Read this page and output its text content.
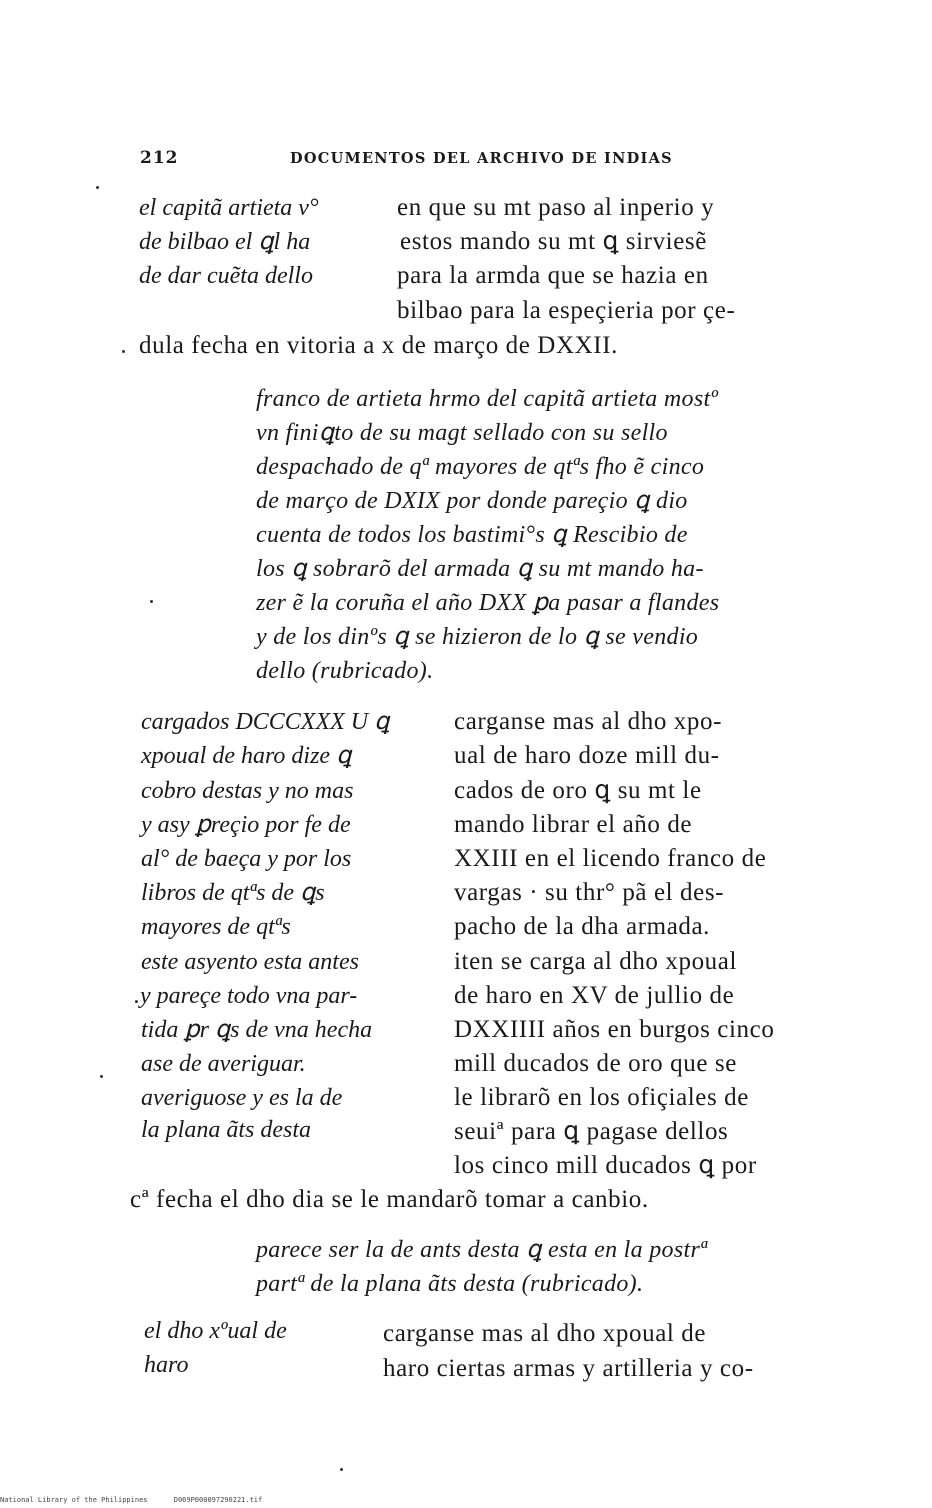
212	DOCUMENTOS DEL ARCHIVO DE INDIAS
el capitã artieta v°
de bilbao el ꝗl ha
de dar cuẽta dello
en que su mt paso al inperio y
estos mando su mt ꝗ sirviesẽ
para la armda que se hazia en
bilbao para la espeçieria por çe-
dula fecha en vitoria a x de março de DXXII.
franco de artieta hrmo del capitã artieta mostº
vn finiꝗto de su magt sellado con su sello
despachado de qª mayores de qtªs fho ẽ cinco
de março de DXIX por donde pareçio ꝗ dio
cuenta de todos los bastimi°s ꝗ Rescibio de
los ꝗ sobrarõ del armada ꝗ su mt mando ha-
zer ẽ la coruña el año DXX ꝑa pasar a flandes
y de los dinºs ꝗ se hizieron de lo ꝗ se vendio
dello (rubricado).
cargados DCCCXXX U ꝗ
xpoual de haro dize ꝗ
cobro destas y no mas
y asy ꝑreçio por fe de
al° de baeça y por los
libros de qtªs de ꝗs
mayores de qtªs
este asyento esta antes
.y pareçe todo vna par-
tida ꝑr ꝗs de vna hecha
ase de averiguar.
averiguose y es la de
la plana ãts desta
carganse mas al dho xpo-
ual de haro doze mill du-
cados de oro ꝗ su mt le
mando librar el año de
XXIII en el licendo franco de
vargas · su thr° pã el des-
pacho de la dha armada.
iten se carga al dho xpoual
de haro en XV de jullio de
DXXIIII años en burgos cinco
mill ducados de oro que se
le librarõ en los ofiçiales de
seuiª para ꝗ pagase dellos
los cinco mill ducados ꝗ por
cª fecha el dho dia se le mandarõ tomar a canbio.
parece ser la de ants desta ꝗ esta en la postrª
partª de la plana ãts desta (rubricado).
el dho xºual de
haro
carganse mas al dho xpoual de
haro ciertas armas y artilleria y co-
National Library of the Philippines	D069P000097290221.tif
